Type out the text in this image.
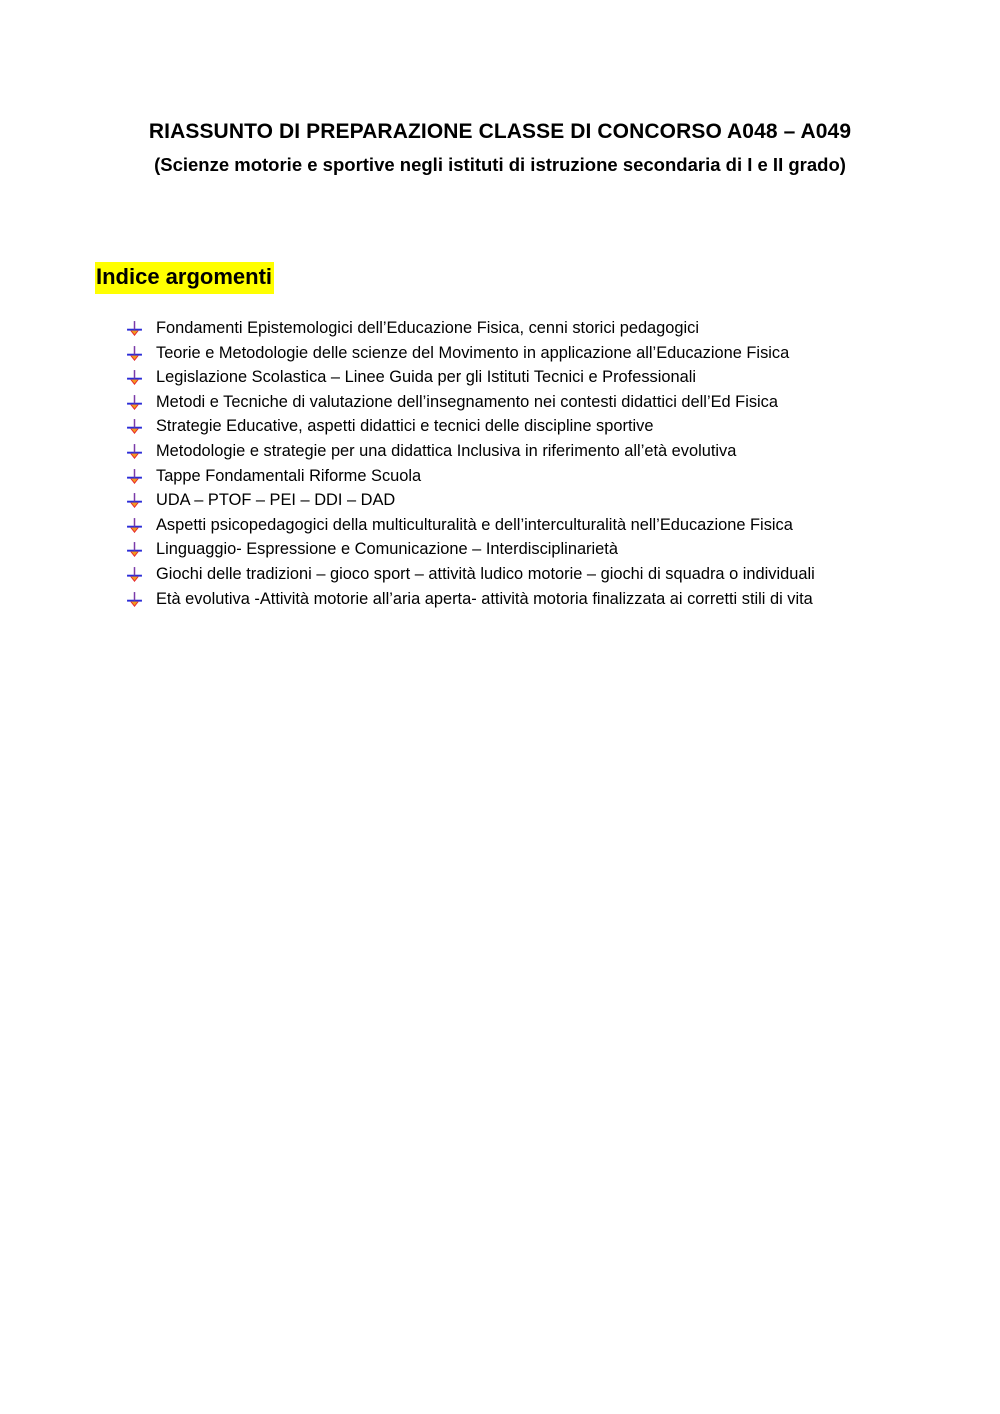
RIASSUNTO DI PREPARAZIONE CLASSE DI CONCORSO A048 – A049
(Scienze motorie e sportive negli istituti di istruzione secondaria di I e II grado)
Indice argomenti
Fondamenti Epistemologici dell’Educazione Fisica, cenni storici pedagogici
Teorie e Metodologie delle scienze del Movimento in applicazione all’Educazione Fisica
Legislazione Scolastica – Linee Guida per gli Istituti Tecnici e Professionali
Metodi e Tecniche di valutazione dell’insegnamento nei contesti didattici dell’Ed Fisica
Strategie Educative, aspetti didattici e tecnici delle discipline sportive
Metodologie e strategie per una didattica Inclusiva in riferimento all’età evolutiva
Tappe Fondamentali Riforme Scuola
UDA – PTOF – PEI – DDI – DAD
Aspetti psicopedagogici della multiculturalità e dell’interculturalità nell’Educazione Fisica
Linguaggio- Espressione e Comunicazione – Interdisciplinarietà
Giochi delle tradizioni – gioco sport – attività ludico motorie – giochi di squadra o individuali
Età evolutiva -Attività motorie all’aria aperta- attività motoria finalizzata ai corretti stili di vita
